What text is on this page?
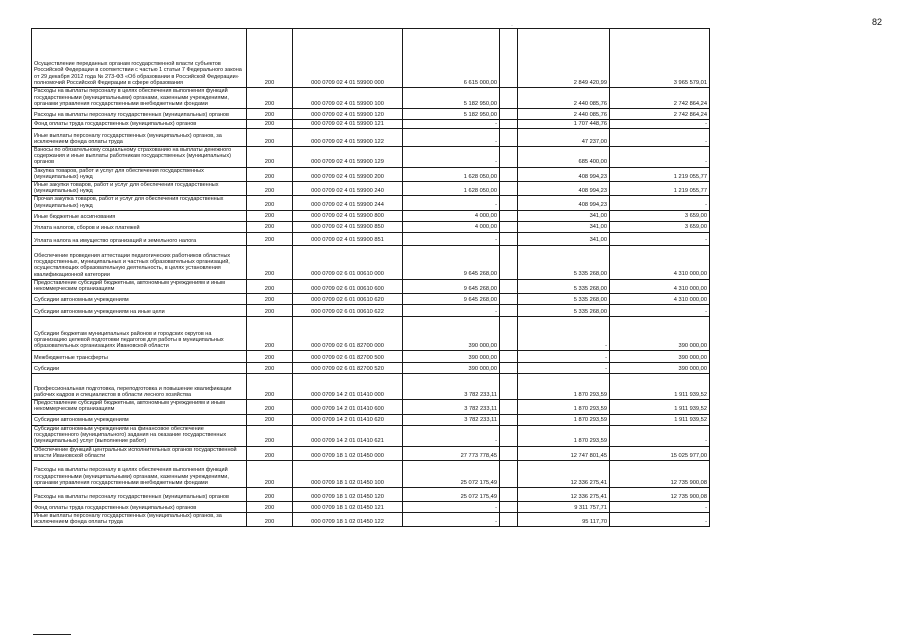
82
·
Осуществление переданных органам государственной власти субъектов Российской Федерации в соответствии с частью 1 статьи 7 Федерального закона от 29 декабря 2012 года № 273-ФЗ «Об образовании в Российской Федерации» полномочий Российской Федерации в сфере образования	200	000 0709 02 4 01 59900 000	6 615 000,00		2 849 420,99	3 965 579,01
Расходы на выплаты персоналу в целях обеспечения выполнения функций государственными (муниципальными) органами, казенными учреждениями, органами управления государственными внебюджетными фондами	200	000 0709 02 4 01 59900 100	5 182 950,00		2 440 085,76	2 742 864,24
Расходы на выплаты персоналу государственных (муниципальных) органов	200	000 0709 02 4 01 59900 120	5 182 950,00		2 440 085,76	2 742 864,24
Фонд оплаты труда государственных (муниципальных) органов	200	000 0709 02 4 01 59900 121	-		1 707 448,76	-
Иные выплаты персоналу государственных (муниципальных) органов, за исключением фонда оплаты труда	200	000 0709 02 4 01 59900 122	-		47 237,00	-
Взносы по обязательному социальному страхованию на выплаты денежного содержания и иные выплаты работникам государственных (муниципальных) органов	200	000 0709 02 4 01 59900 129	-		685 400,00	-
Закупка товаров, работ и услуг для обеспечения государственных (муниципальных) нужд	200	000 0709 02 4 01 59900 200	1 628 050,00		408 994,23	1 219 055,77
Иные закупки товаров, работ и услуг для обеспечения государственных (муниципальных) нужд	200	000 0709 02 4 01 59900 240	1 628 050,00		408 994,23	1 219 055,77
Прочая закупка товаров, работ и услуг для обеспечения государственных (муниципальных) нужд	200	000 0709 02 4 01 59900 244	-		408 994,23	-
Иные бюджетные ассигнования	200	000 0709 02 4 01 59900 800	4 000,00		341,00	3 659,00
Уплата налогов, сборов и иных платежей	200	000 0709 02 4 01 59900 850	4 000,00		341,00	3 659,00
Уплата налога на имущество организаций и земельного налога	200	000 0709 02 4 01 59900 851	-		341,00	-
Обеспечение проведения аттестации педагогических работников областных государственных, муниципальных и частных образовательных организаций, осуществляющих образовательную деятельность, в целях установления квалификационной категории	200	000 0709 02 6 01 00610 000	9 645 268,00		5 335 268,00	4 310 000,00
Предоставление субсидий бюджетным, автономным учреждениям и иным некоммерческим организациям	200	000 0709 02 6 01 00610 600	9 645 268,00		5 335 268,00	4 310 000,00
Субсидии автономным учреждениям	200	000 0709 02 6 01 00610 620	9 645 268,00		5 335 268,00	4 310 000,00
Субсидии автономным учреждениям на иные цели	200	000 0709 02 6 01 00610 622	-		5 335 268,00	-
Субсидии бюджетам муниципальных районов и городских округов на организацию целевой подготовки педагогов для работы в муниципальных образовательных организациях Ивановской области	200	000 0709 02 6 01 82700 000	390 000,00		-	390 000,00
Межбюджетные трансферты	200	000 0709 02 6 01 82700 500	390 000,00		-	390 000,00
Субсидии	200	000 0709 02 6 01 82700 520	390 000,00		-	390 000,00
Профессиональная подготовка, переподготовка и повышение квалификации рабочих кадров и специалистов в области лесного хозяйства	200	000 0709 14 2 01 01410 000	3 782 233,11		1 870 293,59	1 911 939,52
Предоставление субсидий бюджетным, автономным учреждениям и иным некоммерческим организациям	200	000 0709 14 2 01 01410 600	3 782 233,11		1 870 293,59	1 911 939,52
Субсидии автономным учреждениям	200	000 0709 14 2 01 01410 620	3 782 233,11		1 870 293,59	1 911 939,52
Субсидии автономным учреждениям на финансовое обеспечение государственного (муниципального) задания на оказание государственных (муниципальных) услуг (выполнение работ)	200	000 0709 14 2 01 01410 621	-		1 870 293,59	-
Обеспечение функций центральных исполнительных органов государственной власти Ивановской области	200	000 0709 18 1 02 01450 000	27 773 778,45		12 747 801,45	15 025 977,00
Расходы на выплаты персоналу в целях обеспечения выполнения функций государственными (муниципальными) органами, казенными учреждениями, органами управления государственными внебюджетными фондами	200	000 0709 18 1 02 01450 100	25 072 175,49		12 336 275,41	12 735 900,08
Расходы на выплаты персоналу государственных (муниципальных) органов	200	000 0709 18 1 02 01450 120	25 072 175,49		12 336 275,41	12 735 900,08
Фонд оплаты труда государственных (муниципальных) органов	200	000 0709 18 1 02 01450 121	-		9 311 757,71	-
Иные выплаты персоналу государственных (муниципальных) органов, за исключением фонда оплаты труда	200	000 0709 18 1 02 01450 122	-		95 117,70	-
